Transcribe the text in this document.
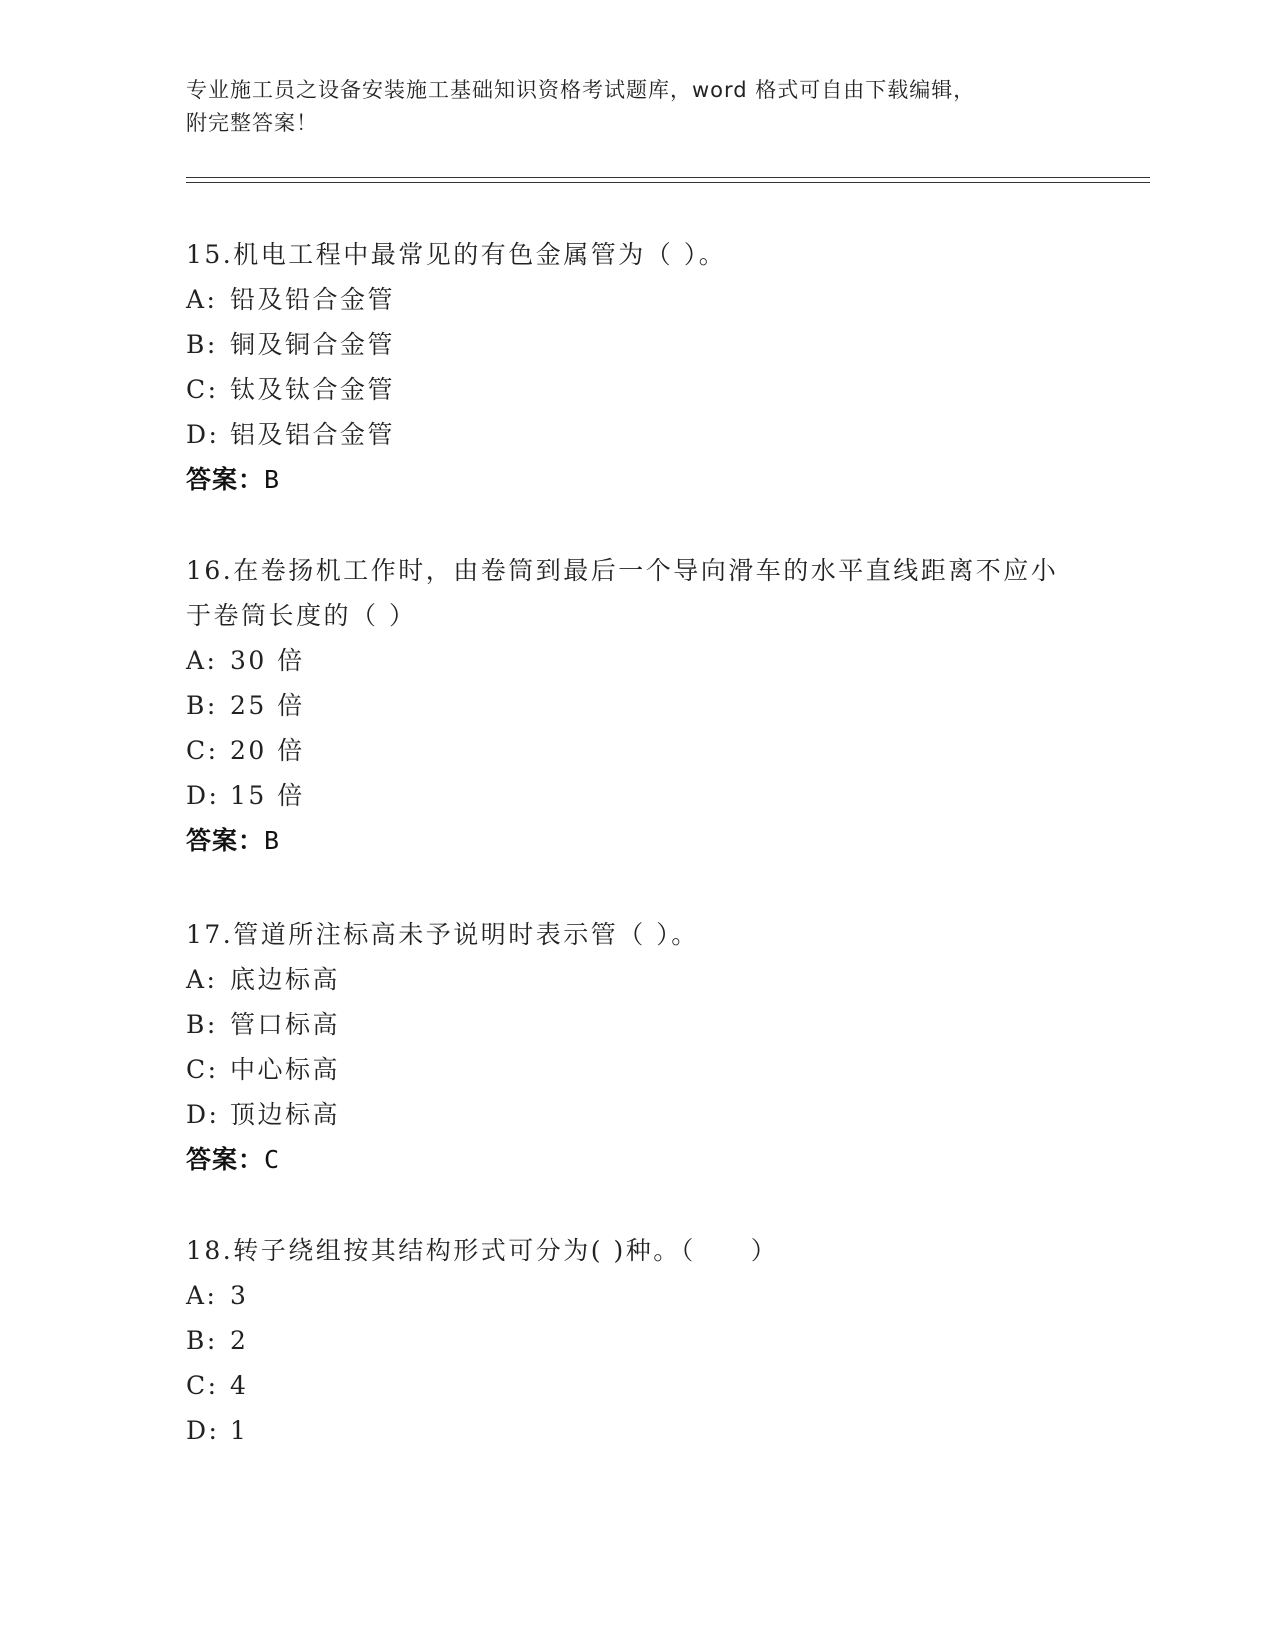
专业施工员之设备安装施工基础知识资格考试题库，word 格式可自由下载编辑，
附完整答案！
15.机电工程中最常见的有色金属管为（ ）。
A: 铅及铅合金管
B: 铜及铜合金管
C: 钛及钛合金管
D: 铝及铝合金管
答案：B
16.在卷扬机工作时，由卷筒到最后一个导向滑车的水平直线距离不应小于卷筒长度的（ ）
A: 30 倍
B: 25 倍
C: 20 倍
D: 15 倍
答案：B
17.管道所注标高未予说明时表示管（ ）。
A: 底边标高
B: 管口标高
C: 中心标高
D: 顶边标高
答案：C
18.转子绕组按其结构形式可分为( )种。（　　）
A: 3
B: 2
C: 4
D: 1
